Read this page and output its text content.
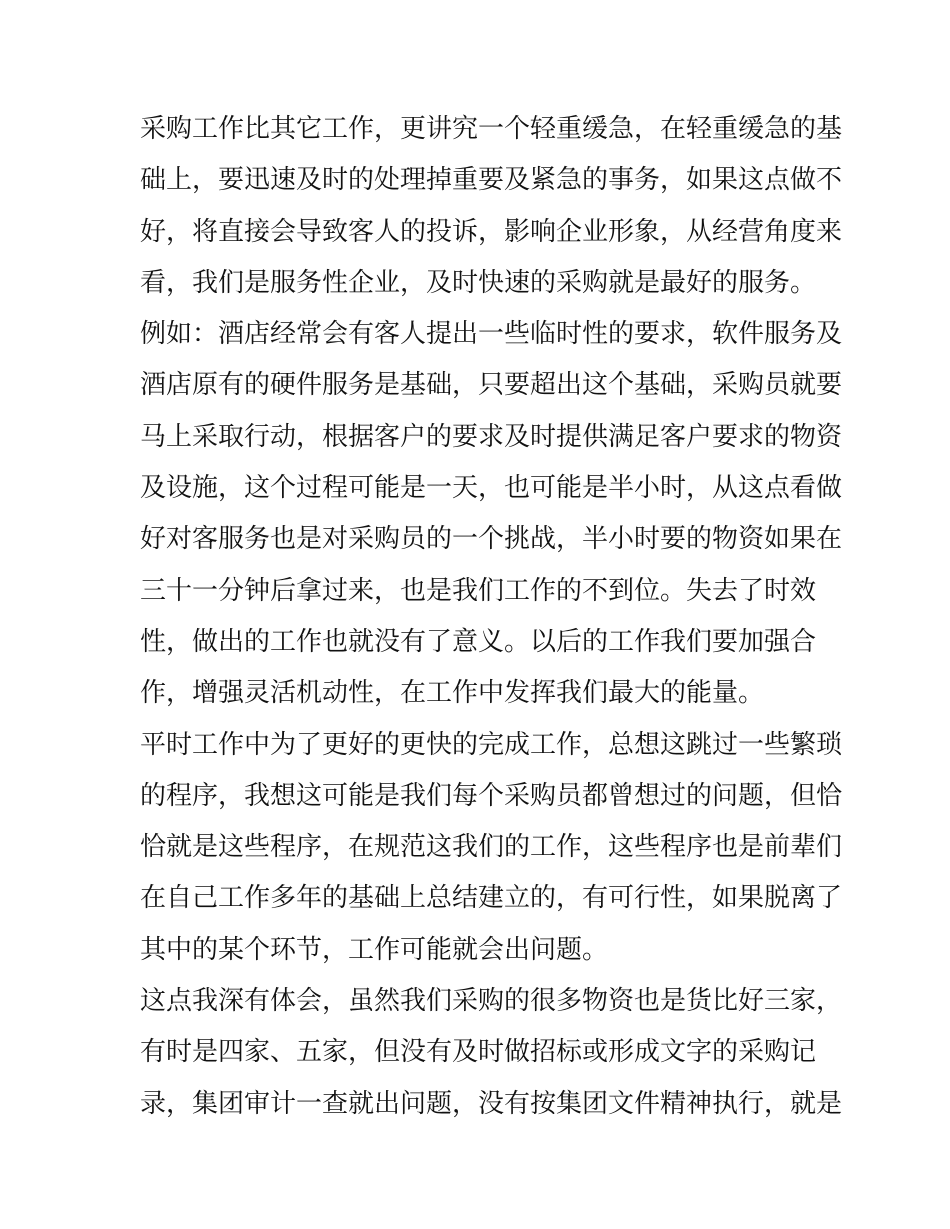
采购工作比其它工作，更讲究一个轻重缓急，在轻重缓急的基
础上，要迅速及时的处理掉重要及紧急的事务，如果这点做不
好，将直接会导致客人的投诉，影响企业形象，从经营角度来
看，我们是服务性企业，及时快速的采购就是最好的服务。
例如：酒店经常会有客人提出一些临时性的要求，软件服务及
酒店原有的硬件服务是基础，只要超出这个基础，采购员就要
马上采取行动，根据客户的要求及时提供满足客户要求的物资
及设施，这个过程可能是一天，也可能是半小时，从这点看做
好对客服务也是对采购员的一个挑战，半小时要的物资如果在
三十一分钟后拿过来，也是我们工作的不到位。失去了时效
性，做出的工作也就没有了意义。以后的工作我们要加强合
作，增强灵活机动性，在工作中发挥我们最大的能量。
平时工作中为了更好的更快的完成工作，总想这跳过一些繁琐
的程序，我想这可能是我们每个采购员都曾想过的问题，但恰
恰就是这些程序，在规范这我们的工作，这些程序也是前辈们
在自己工作多年的基础上总结建立的，有可行性，如果脱离了
其中的某个环节，工作可能就会出问题。
这点我深有体会，虽然我们采购的很多物资也是货比好三家，
有时是四家、五家，但没有及时做招标或形成文字的采购记
录，集团审计一查就出问题，没有按集团文件精神执行，就是
